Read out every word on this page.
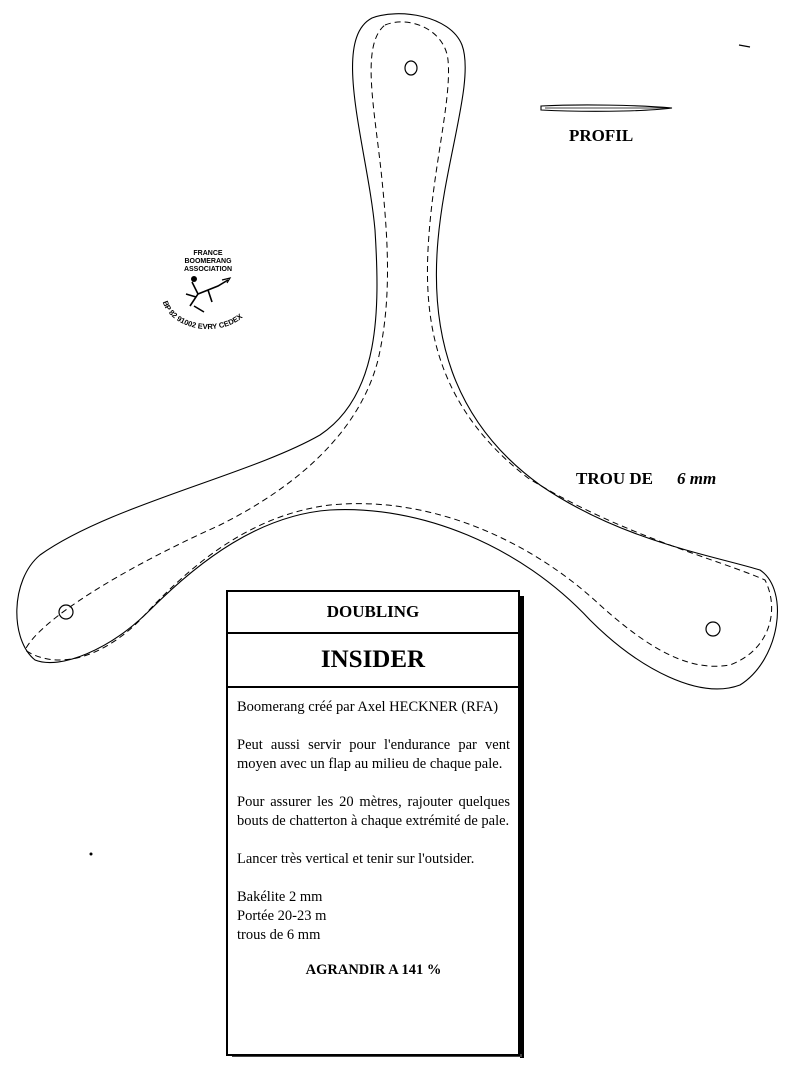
PROFIL
TROU DE 6 mm
FRANCE
BOOMERANG
ASSOCIATION
BP 82 91002 EVRY CEDEX
DOUBLING
INSIDER

Boomerang créé par Axel HECKNER (RFA)

Peut aussi servir pour l'endurance par vent moyen avec un flap au milieu de chaque pale.

Pour assurer les 20 mètres, rajouter quelques bouts de chatterton à chaque extrémité de pale.

Lancer très vertical et tenir sur l'outsider.

Bakélite 2 mm
Portée 20-23 m
trous de 6 mm

AGRANDIR A 141 %
